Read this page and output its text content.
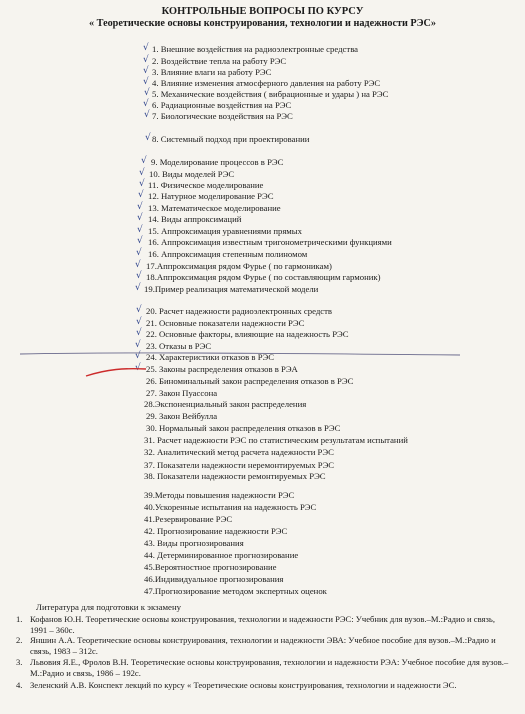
КОНТРОЛЬНЫЕ ВОПРОСЫ ПО КУРСУ
« Теоретические основы конструирования, технологии и надежности РЭС»
1. Внешние воздействия на радиоэлектронные средства
√
2. Воздействие тепла на работу РЭС
√
3. Влияние влаги на работу РЭС
√
4. Влияние изменения атмосферного давления на работу РЭС
√
5. Механические воздействия ( вибрационные и удары ) на РЭС
√
6. Радиационные воздействия на РЭС
√
7. Биологические воздействия на РЭС
√
8. Системный подход при проектировании
√
9. Моделирование процессов в РЭС
√
10. Виды моделей РЭС
√
11. Физическое моделирование
√
12. Натурное моделирование РЭС
√
13. Математическое моделирование
√
14. Виды аппроксимаций
√
15. Аппроксимация уравнениями прямых
√
16. Аппроксимация известным тригонометрическими функциями
√
16. Аппроксимация степенным полиномом
√
17.Аппроксимация рядом Фурье ( по гармоникам)
√
18.Аппроксимация рядом Фурье ( по составляющим гармоник)
√
19.Пример реализация математической модели
√
20. Расчет надежности радиоэлектронных средств
√
21. Основные показатели надежности РЭС
√
22. Основные факторы, влияющие на надежность РЭС
√
23. Отказы в РЭС
√
24. Характеристики отказов в РЭС
√
25. Законы распределения отказов в РЭА
√
26. Биноминальный закон распределения отказов в РЭС
27. Закон Пуассона
28.Экспоненциальный закон распределения
29. Закон Вейбулла
30. Нормальный закон распределения отказов в РЭС
31. Расчет надежности РЭС по статистическим результатам испытаний
32. Аналитический метод расчета надежности РЭС
37. Показатели надежности неремонтируемых РЭС
38. Показатели надежности ремонтируемых РЭС
39.Методы повышения надежности РЭС
40.Ускоренные испытания на надежность РЭС
41.Резервирование РЭС
42. Прогнозирование надежности РЭС
43. Виды прогнозирования
44. Детерминированное прогнозирование
45.Вероятностное прогнозирование
46.Индивидуальное прогнозирования
47.Прогнозирование методом экспертных оценок
Литература для подготовки к экзамену
1. Кофанов Ю.Н. Теоретические основы конструирования, технологии и надежности РЭС: Учебник для вузов.–М.:Радио и связь, 1991 – 360с.
2. Яншин А.А. Теоретические основы конструирования, технологии и надежности ЭВА: Учебное пособие для вузов.–М.:Радио и связь, 1983 – 312с.
3. Львовия Я.Е., Фролов В.Н. Теоретические основы конструирования, технологии и надежности РЭА: Учебное пособие для вузов.–М.:Радио и связь, 1986 – 192с.
4. Зеленский А.В. Конспект лекций по курсу « Теоретические основы конструирования, технологии и надежности ЭС.
